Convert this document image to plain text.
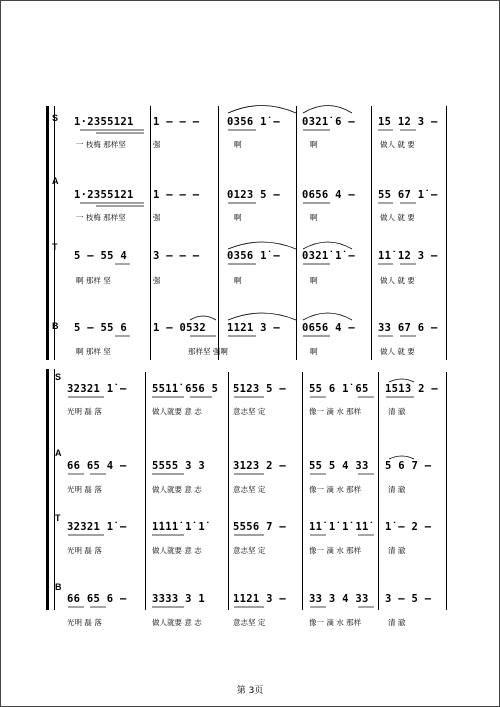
S 1·2355121 1 – – –	0356 1̇ – 0321̇ 6 – 1̇5 1̇2 3 –
一 枝梅 那样坚	强	啊	啊	做人 就 要
A
1·2355121 1 – – –	0123 5 – 0656 4 – 55 67 1̇ –
一 枝梅 那样坚	强	啊	啊	做人 就 要
T
5 – 55 4 3 – – –	0356 1̇ – 0321̇ 1̇ – 1̇1̇ 1̇2 3 –
啊 那样 坚	强	啊	啊	做人 就 要
B 5 – 55 6 1 – 0532 1121 3 – 0656 4 – 33 67 6 –
啊 那样 坚	那样坚 强啊	啊	做人 就 要
S
32321 1̇ – 551̇1̇ 656 5 5123 5 – 55 6 1̇ 65 15̇1̇3 2 –
光明 磊 落	做人就要 意 志	意志坚 定	像一 滴 水 那样	清 澈
A
66 65 4 – 5555 3 3	3123 2 – 55 5 4 33 5 6 7 –
光明 磊 落	做人就要 意 志	意志坚 定	像一 滴 水 那样	清 澈
T
32321 1̇ – 1̇1̇1̇1̇ 1̇ 1̇	5556 7 – 1̇1̇ 1̇ 1̇ 1̇1̇ 1̇ – 2 –
光明 磊 落	做人就要 意 志	意志坚 定	像一 滴 水 那样	清 澈
B
66 65 6 – 3333 3 1	1121 3 – 33 3 4 33 3 – 5 –
光明 磊 落	做人就要 意 志	意志坚 定	像一 滴 水 那样	清 澈
第 3页
